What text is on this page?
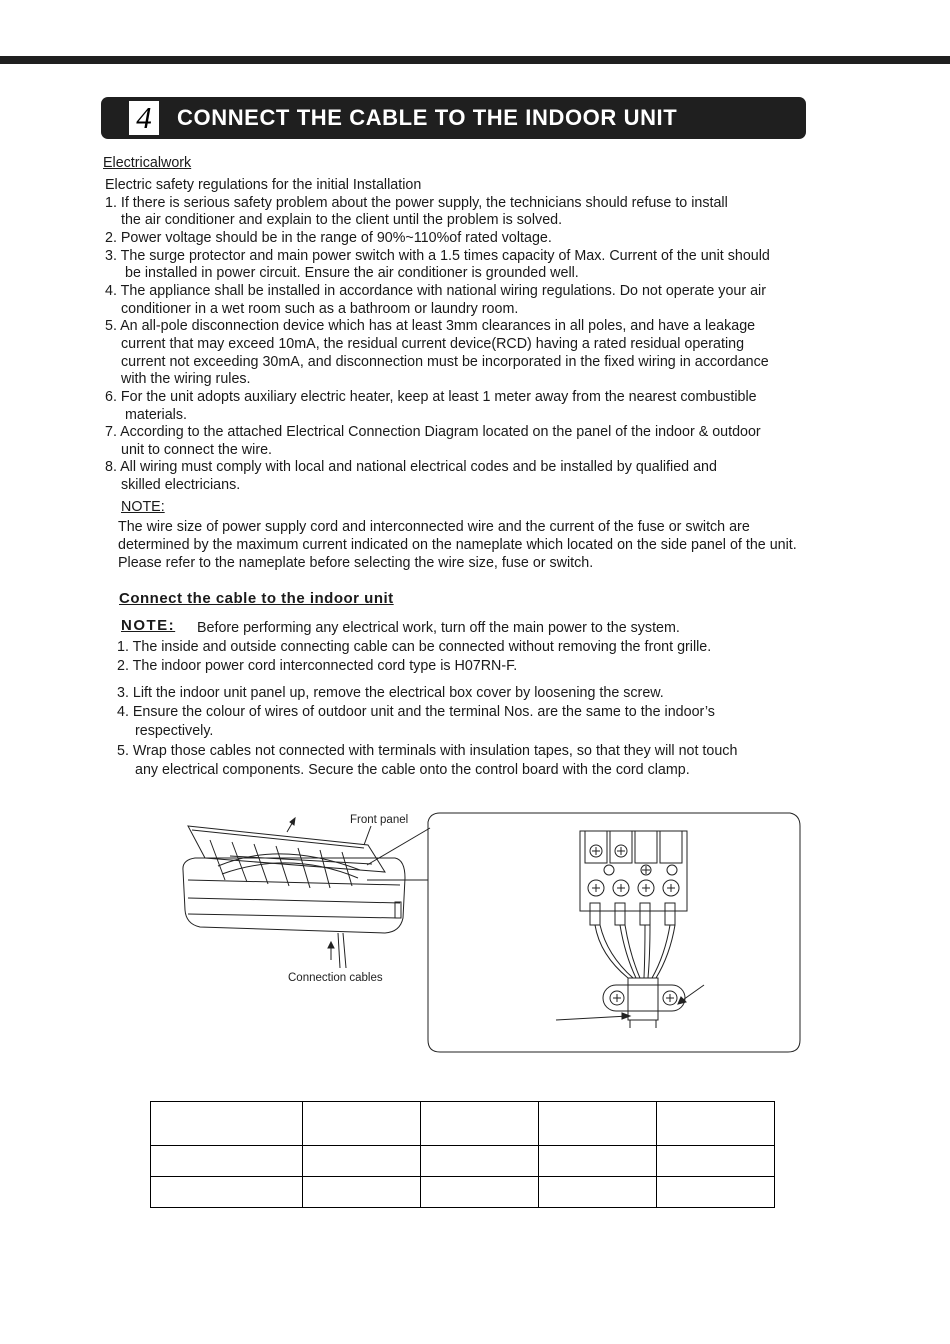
4	CONNECT THE CABLE TO THE INDOOR UNIT
Electricalwork
Electric safety regulations for the initial Installation
1. If there is serious safety problem about the power supply, the technicians should refuse to install
the air conditioner and explain to the client until the problem is solved.
2. Power voltage should be in the range of 90%~110%of rated voltage.
3. The surge protector and main power switch with a 1.5 times capacity of Max. Current of the unit should
be installed in power circuit. Ensure the air conditioner is grounded well.
4. The appliance shall be installed in accordance with national wiring regulations. Do not operate your air
conditioner in a wet room such as a bathroom or laundry room.
5. An all-pole disconnection device which has at least 3mm clearances in all poles, and have a leakage
current that may exceed 10mA, the residual current device(RCD) having a rated residual operating
current not exceeding 30mA, and disconnection must be incorporated in the fixed wiring in accordance
with the wiring rules.
6. For the unit adopts auxiliary electric heater, keep at least 1 meter away from the nearest combustible
materials.
7. According to the attached Electrical Connection Diagram located on the panel of the indoor & outdoor
unit to connect the wire.
8. All wiring must comply with local and national electrical codes and be installed by qualified and
skilled electricians.
NOTE:
The wire size of power supply cord and interconnected wire and the current of the fuse or switch are
determined by the maximum current indicated on the nameplate which located on the side panel of the unit.
Please refer to the nameplate before selecting the wire size, fuse or switch.
Connect the cable to the indoor unit
NOTE: Before performing any electrical work, turn off the main power to the system.
1. The inside and outside connecting cable can be connected without removing the front grille.
2. The indoor power cord interconnected cord type is H07RN-F.
3. Lift the indoor unit panel up, remove the electrical box cover by loosening the screw.
4. Ensure the colour of wires of outdoor unit and the terminal Nos. are the same to the indoor’s
respectively.
5. Wrap those cables not connected with terminals with insulation tapes, so that they will not touch
any electrical components. Secure the cable onto the control board with the cord clamp.
Front panel
Connection cables
